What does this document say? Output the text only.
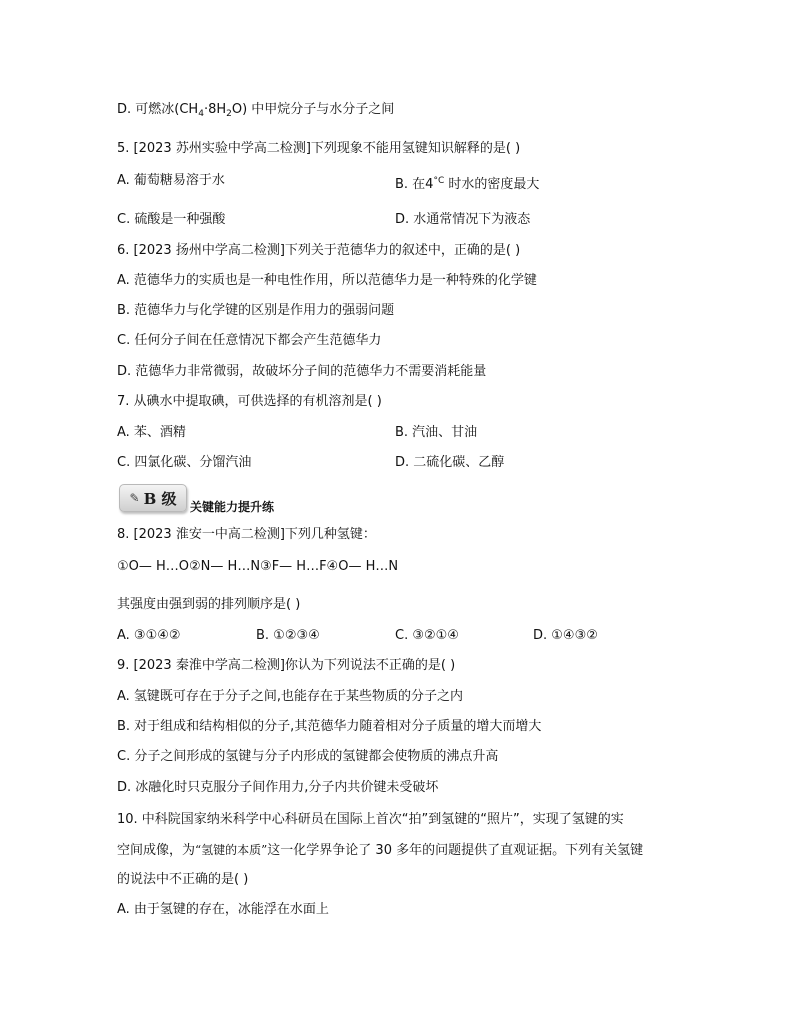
D. 可燃冰$(CH_4\cdot 8H_2O)$ 中甲烷分子与水分子之间
5. [2023 苏州实验中学高二检测]下列现象不能用氢键知识解释的是( )
A. 葡萄糖易溶于水	B. 在$4^{^\circ C}$ 时水的密度最大
C. 硫酸是一种强酸	D. 水通常情况下为液态
6. [2023 扬州中学高二检测]下列关于范德华力的叙述中，正确的是( )
A. 范德华力的实质也是一种电性作用，所以范德华力是一种特殊的化学键
B. 范德华力与化学键的区别是作用力的强弱问题
C. 任何分子间在任意情况下都会产生范德华力
D. 范德华力非常微弱，故破坏分子间的范德华力不需要消耗能量
7. 从碘水中提取碘，可供选择的有机溶剂是( )
A. 苯、酒精	B. 汽油、甘油
C. 四氯化碳、分馏汽油	D. 二硫化碳、乙醇
✎ B 级 关键能力提升练
8. [2023 淮安一中高二检测]下列几种氢键：
①O— H…O②N— H…N③F— H…F④O— H…N
其强度由强到弱的排列顺序是( )
A. ③①④②	B. ①②③④	C. ③②①④	D. ①④③②
9. [2023 秦淮中学高二检测]你认为下列说法不正确的是( )
A. 氢键既可存在于分子之间,也能存在于某些物质的分子之内
B. 对于组成和结构相似的分子,其范德华力随着相对分子质量的增大而增大
C. 分子之间形成的氢键与分子内形成的氢键都会使物质的沸点升高
D. 冰融化时只克服分子间作用力,分子内共价键未受破坏
10. 中科院国家纳米科学中心科研员在国际上首次“拍”到氢键的“照片”，实现了氢键的实
空间成像，为“氢键的本质”这一化学界争论了 30 多年的问题提供了直观证据。下列有关氢键
的说法中不正确的是( )
A. 由于氢键的存在，冰能浮在水面上
